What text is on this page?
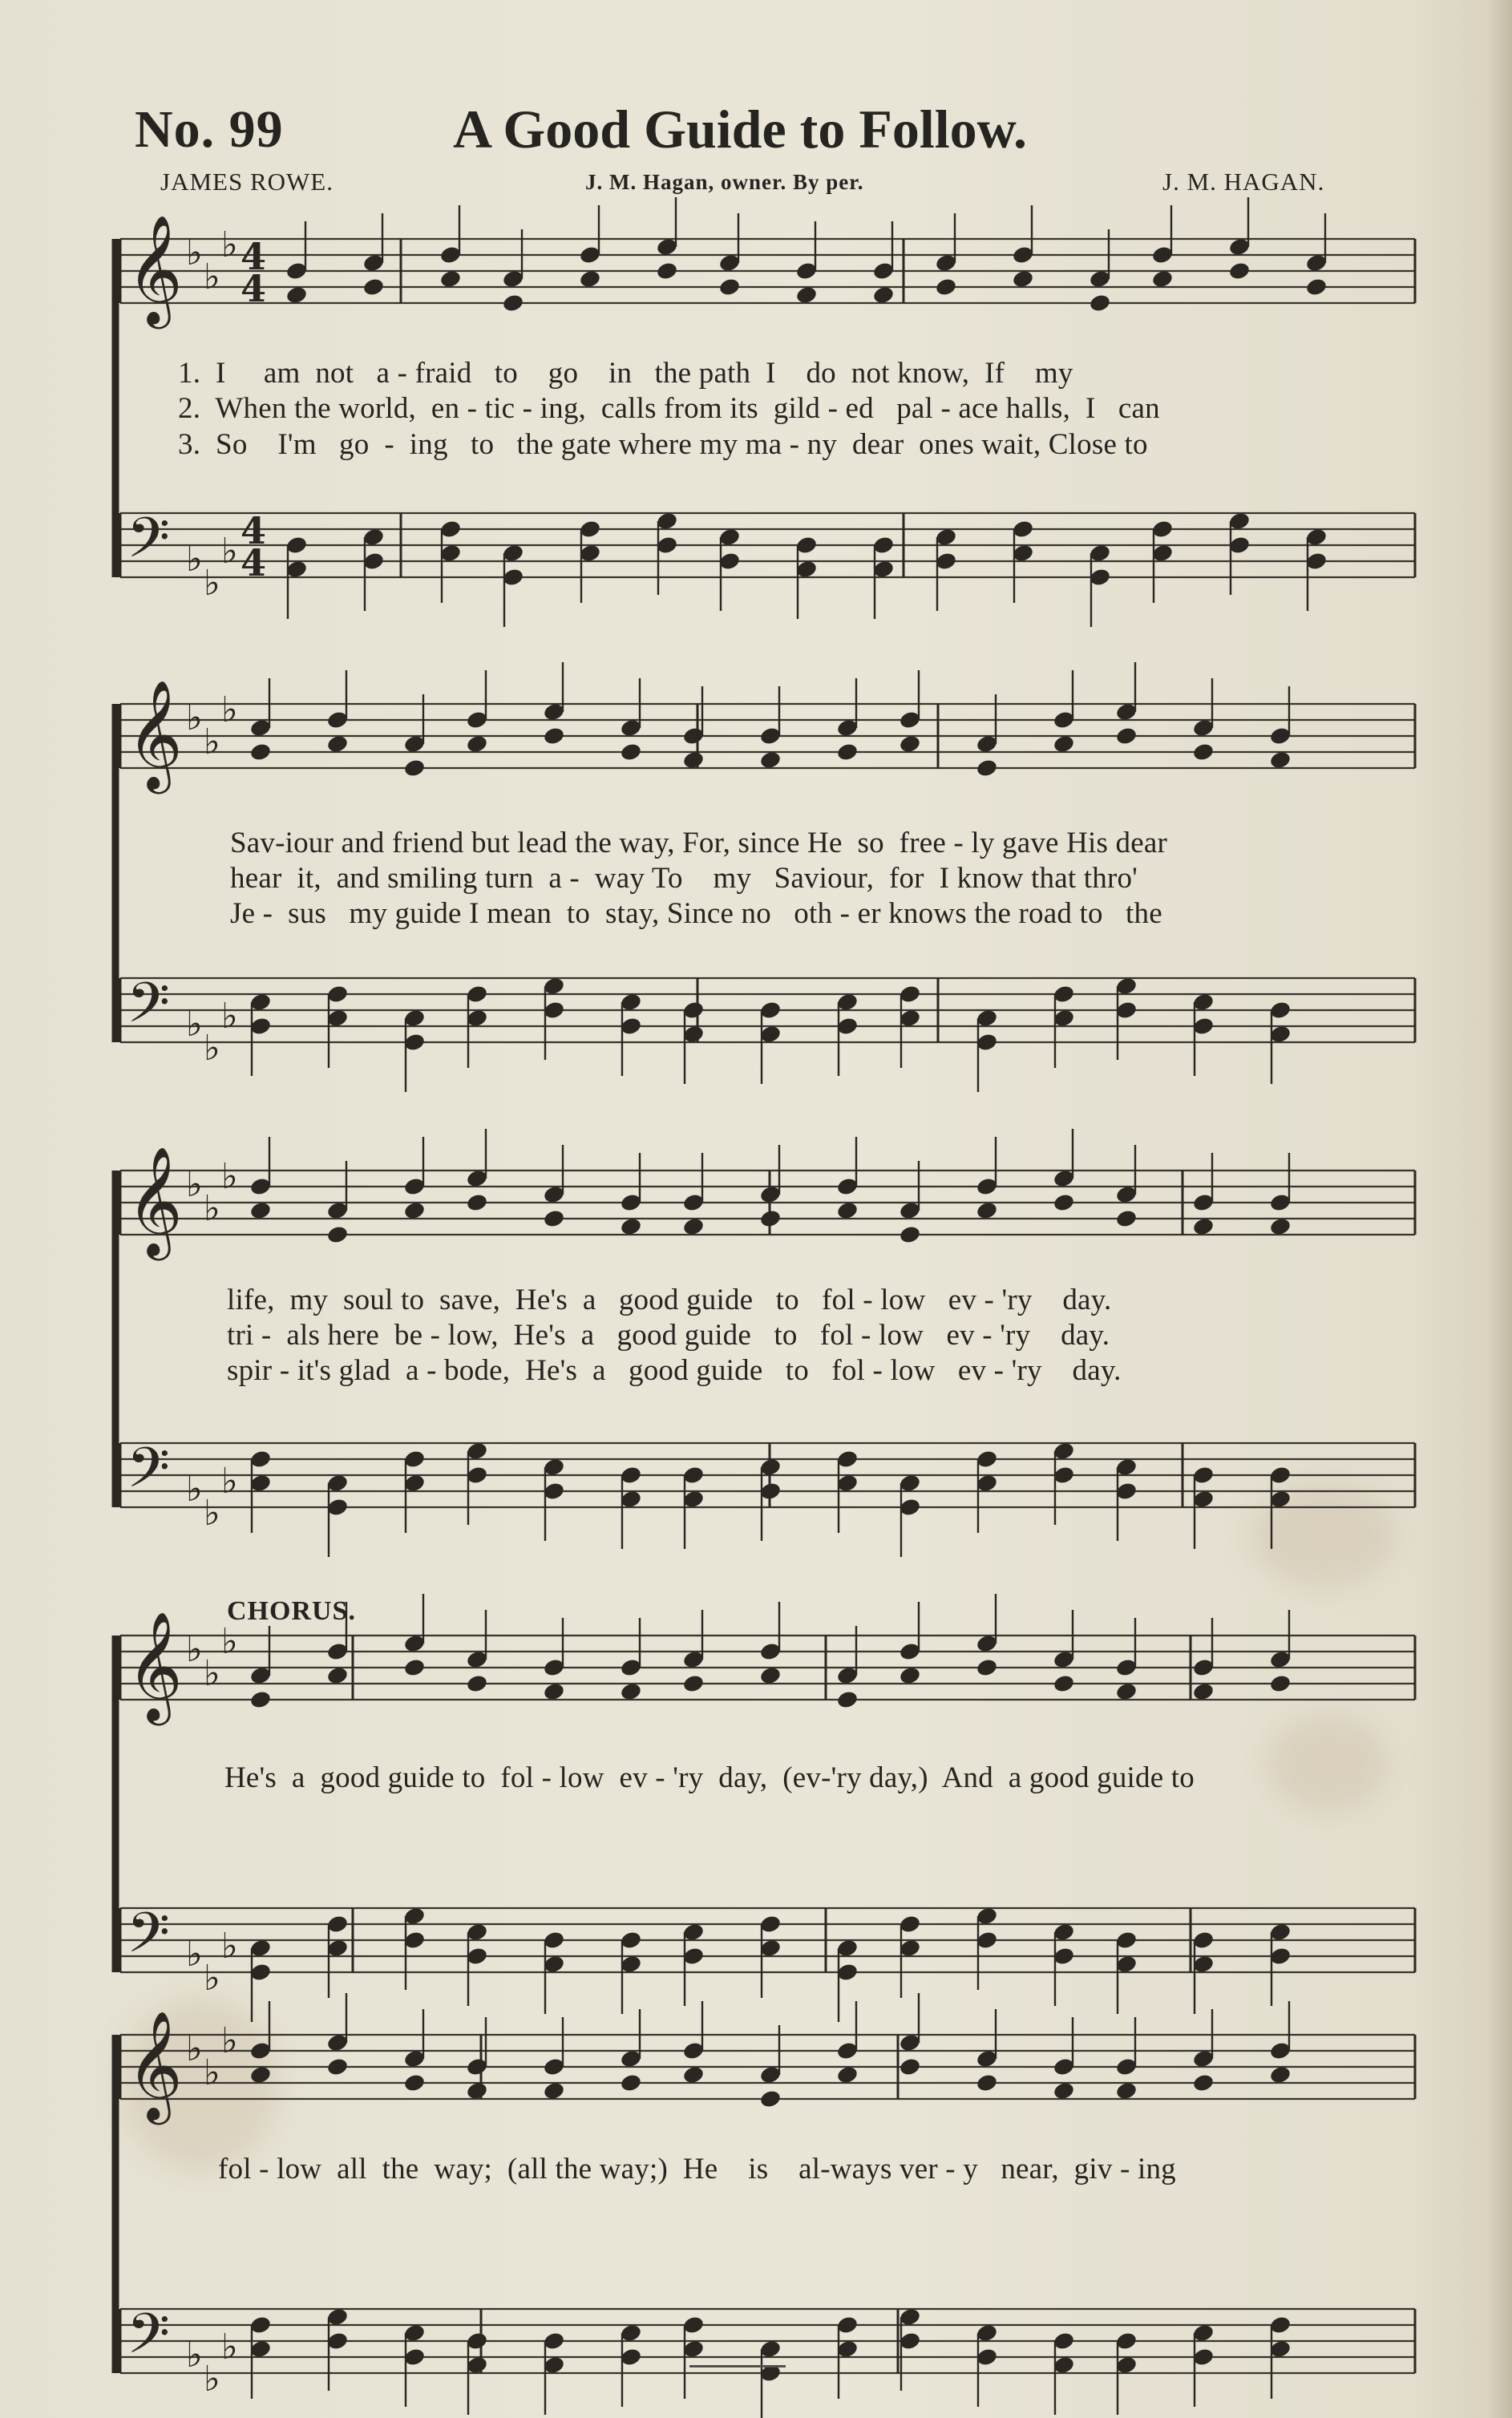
No. 99	A Good Guide to Follow.
JAMES ROWE.	J. M. Hagan, owner. By per.	J. M. HAGAN.
𝄞 ♭
♭
♭ 4
4
𝄢 ♭
♭
♭ 4
4
𝄞 ♭
♭
♭
𝄢 ♭
♭
♭
𝄞 ♭
♭
♭
𝄢 ♭
♭
♭
𝄞 ♭
♭
♭
𝄢 ♭
♭
♭
𝄞 ♭
♭
♭
𝄢 ♭
♭
♭
1.  I     am  not   a - fraid   to    go    in   the path  I    do  not know,  If    my
2.  When the world,  en - tic - ing,  calls from its  gild - ed   pal - ace halls,  I   can
3.  So    I'm   go  -  ing   to   the gate where my ma - ny  dear  ones wait, Close to
Sav-iour and friend but lead the way, For, since He  so  free - ly gave His dear
hear  it,  and smiling turn  a -  way To    my   Saviour,  for  I know that thro'
Je -  sus   my guide I mean  to  stay, Since no   oth - er knows the road to   the
life,  my  soul to  save,  He's  a   good guide   to   fol - low   ev - 'ry    day.
tri -  als here  be - low,  He's  a   good guide   to   fol - low   ev - 'ry    day.
spir - it's glad  a - bode,  He's  a   good guide   to   fol - low   ev - 'ry    day.
CHORUS.
He's  a  good guide to  fol - low  ev - 'ry  day,  (ev-'ry day,)  And  a good guide to
fol - low  all  the  way;  (all the way;)  He    is    al-ways ver - y   near,  giv - ing
